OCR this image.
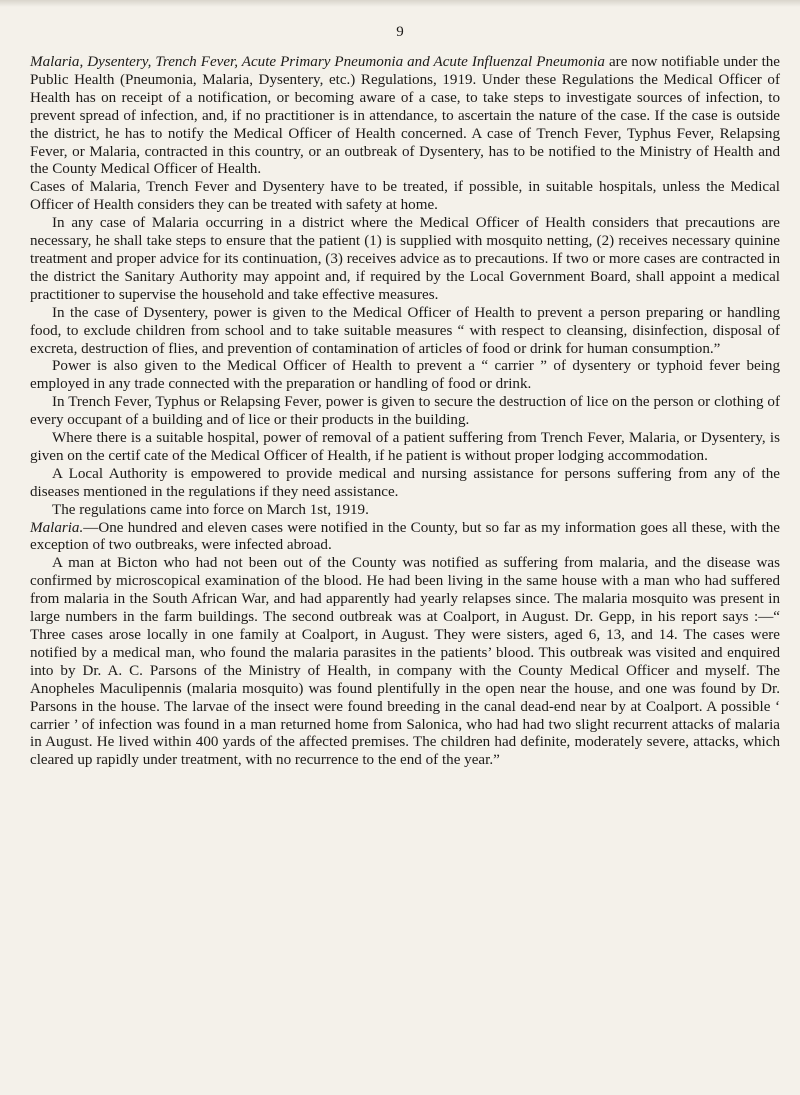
9

Malaria, Dysentery, Trench Fever, Acute Primary Pneumonia and Acute Influenzal Pneumonia are now notifiable under the Public Health (Pneumonia, Malaria, Dysentery, etc.) Regulations, 1919. Under these Regulations the Medical Officer of Health has on receipt of a notification, or becoming aware of a case, to take steps to investigate sources of infection, to prevent spread of infection, and, if no practitioner is in attendance, to ascertain the nature of the case. If the case is outside the district, he has to notify the Medical Officer of Health concerned. A case of Trench Fever, Typhus Fever, Relapsing Fever, or Malaria, contracted in this country, or an outbreak of Dysentery, has to be notified to the Ministry of Health and the County Medical Officer of Health.

Cases of Malaria, Trench Fever and Dysentery have to be treated, if possible, in suitable hospitals, unless the Medical Officer of Health considers they can be treated with safety at home.

In any case of Malaria occurring in a district where the Medical Officer of Health considers that precautions are necessary, he shall take steps to ensure that the patient (1) is supplied with mosquito netting, (2) receives necessary quinine treatment and proper advice for its continuation, (3) receives advice as to precautions. If two or more cases are contracted in the district the Sanitary Authority may appoint and, if required by the Local Government Board, shall appoint a medical practitioner to supervise the household and take effective measures.

In the case of Dysentery, power is given to the Medical Officer of Health to prevent a person preparing or handling food, to exclude children from school and to take suitable measures “ with respect to cleansing, disinfection, disposal of excreta, destruction of flies, and prevention of contamination of articles of food or drink for human consumption.”

Power is also given to the Medical Officer of Health to prevent a “ carrier ” of dysentery or typhoid fever being employed in any trade connected with the preparation or handling of food or drink.

In Trench Fever, Typhus or Relapsing Fever, power is given to secure the destruction of lice on the person or clothing of every occupant of a building and of lice or their products in the building.

Where there is a suitable hospital, power of removal of a patient suffering from Trench Fever, Malaria, or Dysentery, is given on the certif cate of the Medical Officer of Health, if he patient is without proper lodging accommodation.

A Local Authority is empowered to provide medical and nursing assistance for persons suffering from any of the diseases mentioned in the regulations if they need assistance.

The regulations came into force on March 1st, 1919.

Malaria.—One hundred and eleven cases were notified in the County, but so far as my information goes all these, with the exception of two outbreaks, were infected abroad.

A man at Bicton who had not been out of the County was notified as suffering from malaria, and the disease was confirmed by microscopical examination of the blood. He had been living in the same house with a man who had suffered from malaria in the South African War, and had apparently had yearly relapses since. The malaria mosquito was present in large numbers in the farm buildings. The second outbreak was at Coalport, in August. Dr. Gepp, in his report says :—“ Three cases arose locally in one family at Coalport, in August. They were sisters, aged 6, 13, and 14. The cases were notified by a medical man, who found the malaria parasites in the patients’ blood. This outbreak was visited and enquired into by Dr. A. C. Parsons of the Ministry of Health, in company with the County Medical Officer and myself. The Anopheles Maculipennis (malaria mosquito) was found plentifully in the open near the house, and one was found by Dr. Parsons in the house. The larvae of the insect were found breeding in the canal dead-end near by at Coalport. A possible ‘ carrier ’ of infection was found in a man returned home from Salonica, who had had two slight recurrent attacks of malaria in August. He lived within 400 yards of the affected premises. The children had definite, moderately severe, attacks, which cleared up rapidly under treatment, with no recurrence to the end of the year.”
